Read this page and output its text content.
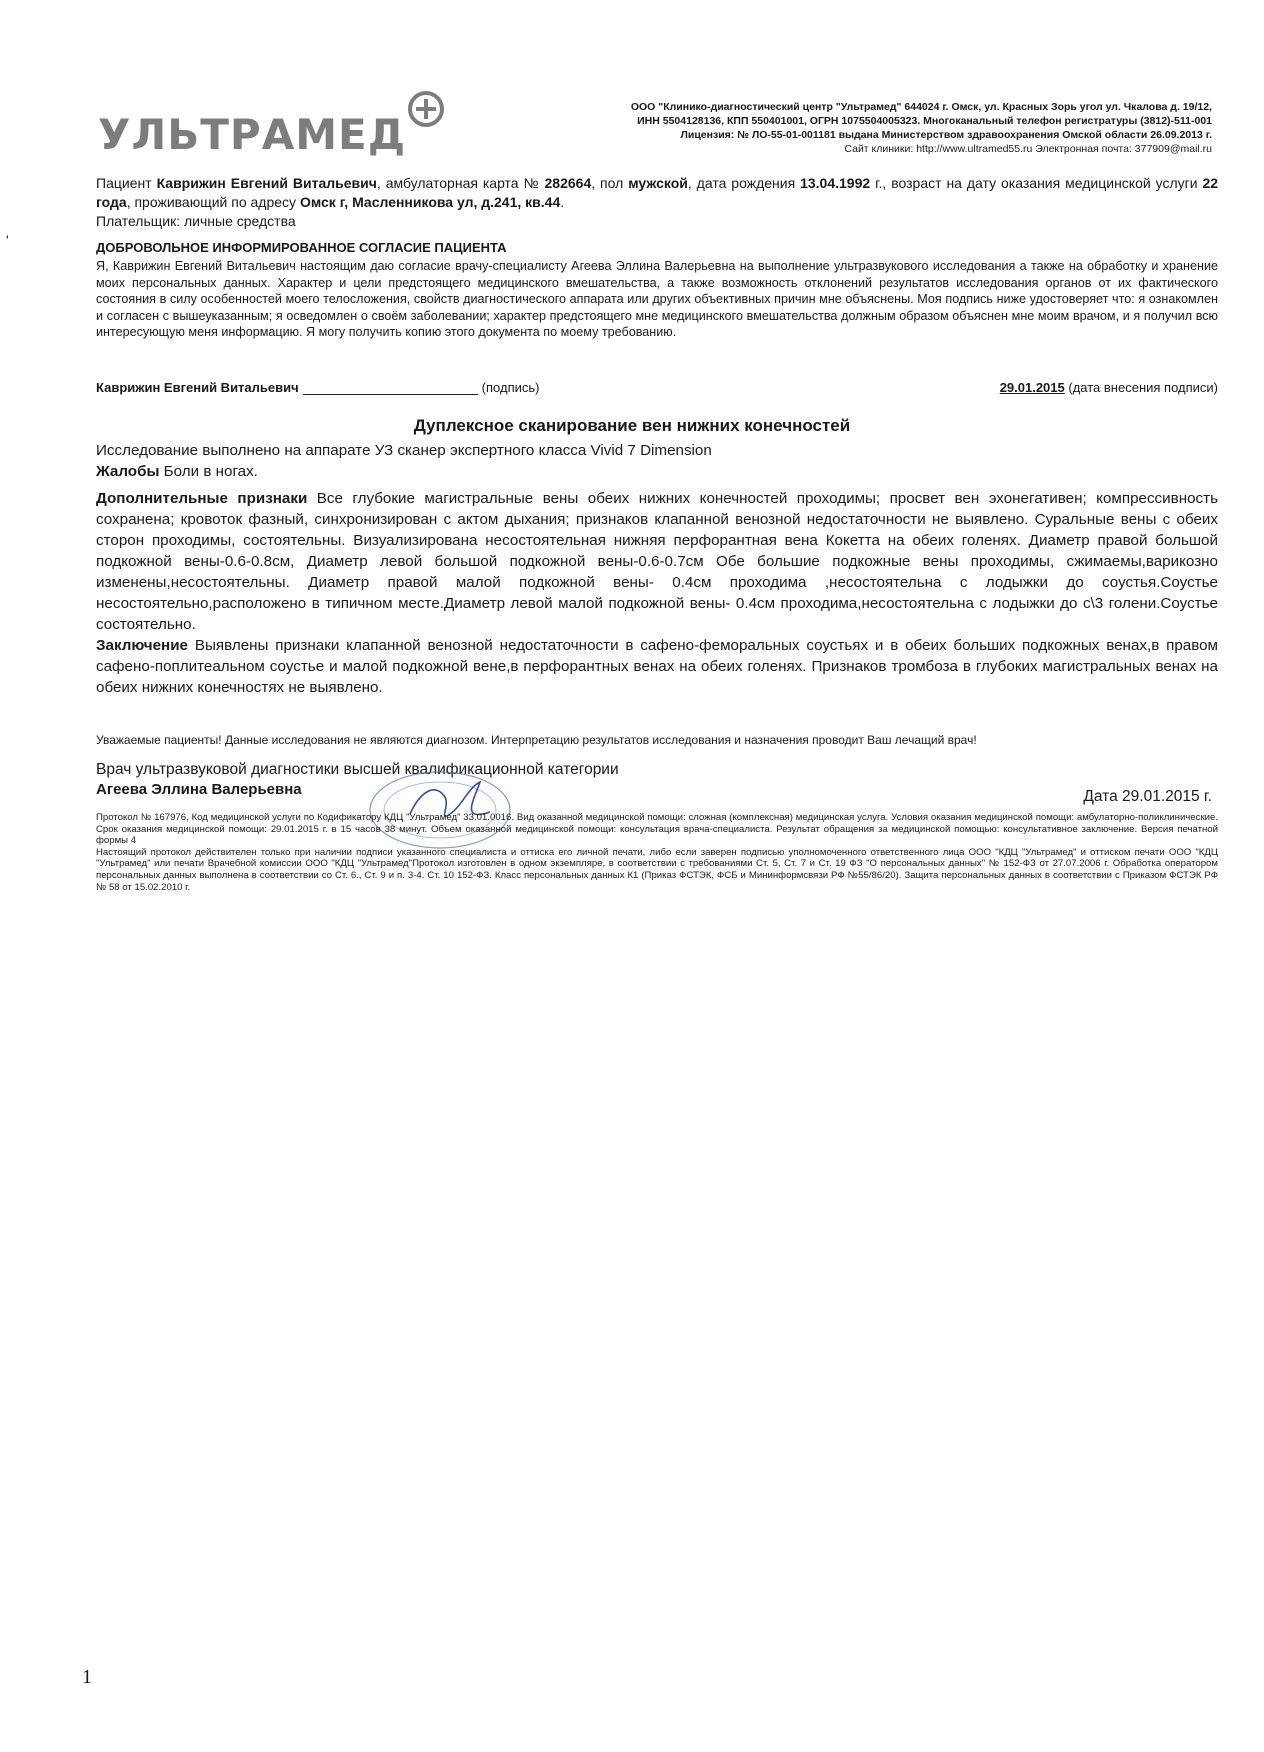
'
УЛЬТРАМЕД
ООО "Клинико-диагностический центр "Ультрамед" 644024 г. Омск, ул. Красных Зорь угол ул. Чкалова д. 19/12,
ИНН 5504128136, КПП 550401001, ОГРН 1075504005323. Многоканальный телефон регистратуры (3812)-511-001
Лицензия: № ЛО-55-01-001181 выдана Министерством здравоохранения Омской области 26.09.2013 г.
Сайт клиники: http://www.ultramed55.ru Электронная почта: 377909@mail.ru
Пациент Каврижин Евгений Витальевич, амбулаторная карта № 282664, пол мужской, дата рождения 13.04.1992 г., возраст на дату оказания медицинской услуги 22 года, проживающий по адресу Омск г, Масленникова ул, д.241, кв.44.
Плательщик: личные средства
ДОБРОВОЛЬНОЕ ИНФОРМИРОВАННОЕ СОГЛАСИЕ ПАЦИЕНТА
Я, Каврижин Евгений Витальевич настоящим даю согласие врачу-специалисту Агеева Эллина Валерьевна на выполнение ультразвукового исследования а также на обработку и хранение моих персональных данных. Характер и цели предстоящего медицинского вмешательства, а также возможность отклонений результатов исследования органов от их фактического состояния в силу особенностей моего телосложения, свойств диагностического аппарата или других объективных причин мне объяснены. Моя подпись ниже удостоверяет что: я ознакомлен и согласен с вышеуказанным; я осведомлен о своём заболевании; характер предстоящего мне медицинского вмешательства должным образом объяснен мне моим врачом, и я получил всю интересующую меня информацию. Я могу получить копию этого документа по моему требованию.
Каврижин Евгений Витальевич	(подпись)	29.01.2015 (дата внесения подписи)
Дуплексное сканирование вен нижних конечностей

Исследование выполнено на аппарате УЗ сканер экспертного класса Vivid 7 Dimension

Жалобы Боли в ногах.

Дополнительные признаки Все глубокие магистральные вены обеих нижних конечностей проходимы; просвет вен эхонегативен; компрессивность сохранена; кровоток фазный, синхронизирован с актом дыхания; признаков клапанной венозной недостаточности не выявлено. Суральные вены с обеих сторон проходимы, состоятельны. Визуализирована несостоятельная нижняя перфорантная вена Кокетта на обеих голенях. Диаметр правой большой подкожной вены-0.6-0.8см, Диаметр левой большой подкожной вены-0.6-0.7см Обе большие подкожные вены проходимы, сжимаемы,варикозно изменены,несостоятельны. Диаметр правой малой подкожной вены- 0.4см проходима ,несостоятельна с лодыжки до соустья.Соустье несостоятельно,расположено в типичном месте.Диаметр левой малой подкожной вены- 0.4см проходима,несостоятельна с лодыжки до с\3 голени.Соустье состоятельно.

Заключение Выявлены признаки клапанной венозной недостаточности в сафено-феморальных соустьях и в обеих больших подкожных венах,в правом сафено-поплитеальном соустье и малой подкожной вене,в перфорантных венах на обеих голенях. Признаков тромбоза в глубоких магистральных венах на обеих нижних конечностях не выявлено.

Уважаемые пациенты! Данные исследования не являются диагнозом. Интерпретацию результатов исследования и назначения проводит Ваш лечащий врач!
Врач ультразвуковой диагностики высшей квалификационной категории
Агеева Эллина Валерьевна	Дата 29.01.2015 г.
Протокол № 167976, Код медицинской услуги по Кодификатору КДЦ "Ультрамед" 33.01.0016. Вид оказанной медицинской помощи: сложная (комплексная) медицинская услуга. Условия оказания медицинской помощи: амбулаторно-поликлинические. Срок оказания медицинской помощи: 29.01.2015 г. в 15 часов 38 минут. Объем оказанной медицинской помощи: консультация врача-специалиста. Результат обращения за медицинской помощью: консультативное заключение. Версия печатной формы 4
Настоящий протокол действителен только при наличии подписи указанного специалиста и оттиска его личной печати, либо если заверен подписью уполномоченного ответственного лица ООО "КДЦ "Ультрамед" и оттиском печати ООО "КДЦ "Ультрамед" или печати Врачебной комиссии ООО "КДЦ "Ультрамед"Протокол изготовлен в одном экземпляре, в соответствии с требованиями Ст. 5, Ст. 7 и Ст. 19 ФЗ "О персональных данных" № 152-ФЗ от 27.07.2006 г. Обработка оператором персональных данных выполнена в соответствии со Ст. 6., Ст. 9 и п. 3-4. Ст. 10 152-ФЗ. Класс персональных данных К1 (Приказ ФСТЭК, ФСБ и Мининформсвязи РФ №55/86/20). Защита персональных данных в соответствии с Приказом ФСТЭК РФ № 58 от 15.02.2010 г.
1
